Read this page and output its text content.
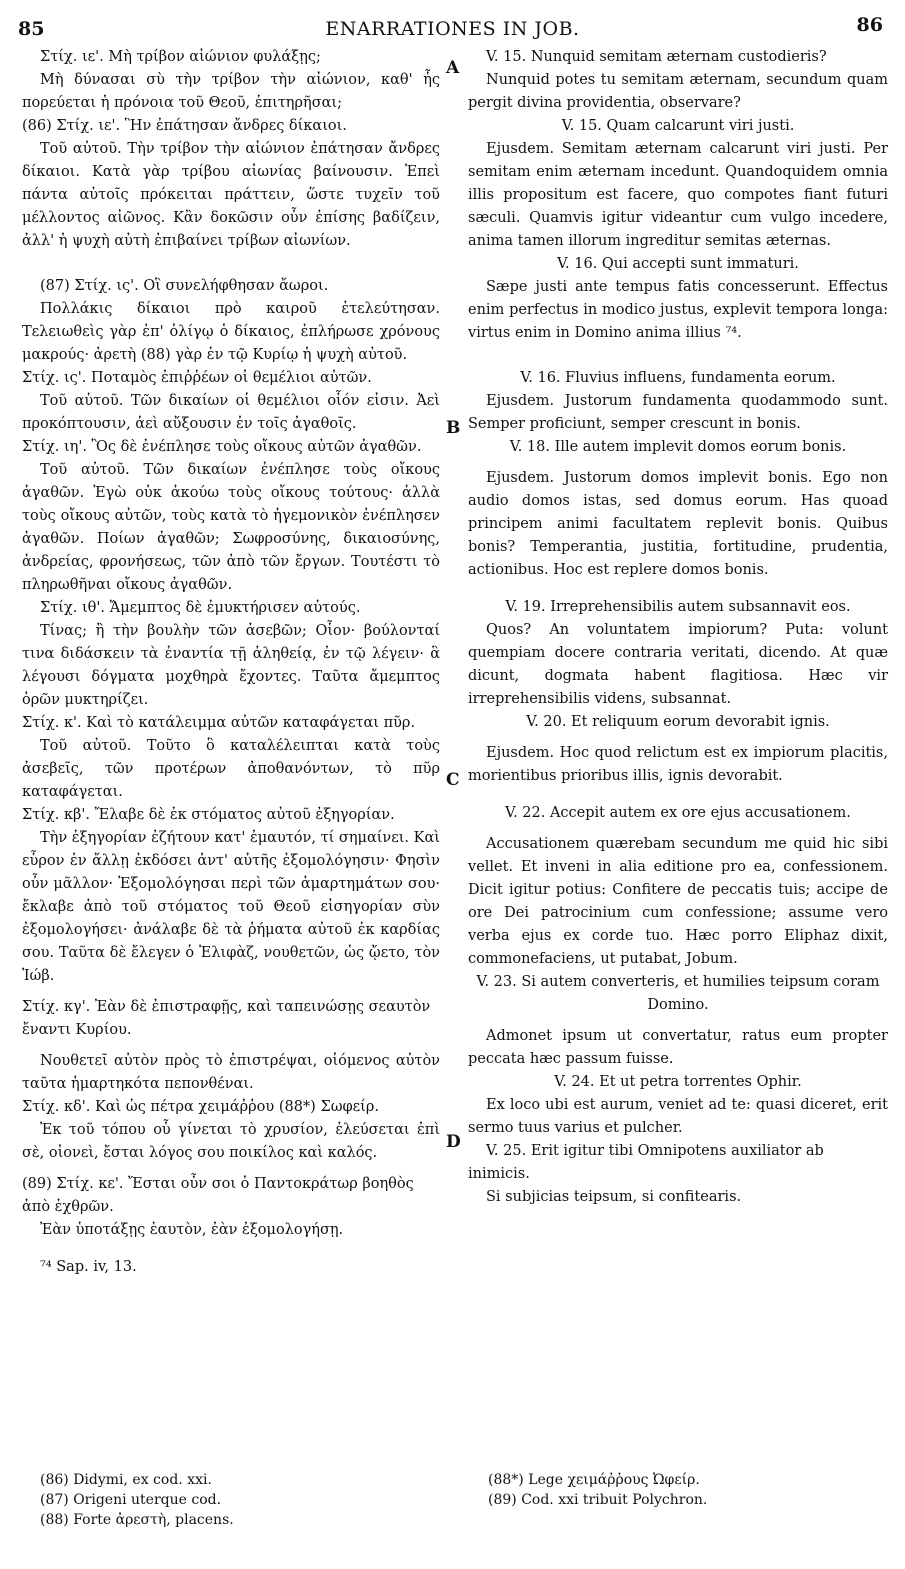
85	ENARRATIONES IN JOB.	86
A
B
C
D

Στίχ. ιε'. Μὴ τρίβον αἰώνιον φυλάξῃς;

Μὴ δύνασαι σὺ τὴν τρίβον τὴν αἰώνιον, καθ' ἧς πορεύεται ἡ πρόνοια τοῦ Θεοῦ, ἐπιτηρῆσαι;

(86) Στίχ. ιε'. Ἣν ἐπάτησαν ἄνδρες δίκαιοι.

Τοῦ αὐτοῦ. Τὴν τρίβον τὴν αἰώνιον ἐπάτησαν ἄνδρες δίκαιοι. Κατὰ γὰρ τρίβου αἰωνίας βαίνουσιν. Ἐπεὶ πάντα αὐτοῖς πρόκειται πράττειν, ὥστε τυχεῖν τοῦ μέλλοντος αἰῶνος. Κἂν δοκῶσιν οὖν ἐπίσης βαδίζειν, ἀλλ' ἡ ψυχὴ αὐτὴ ἐπιβαίνει τρίβων αἰωνίων.

(87) Στίχ. ις'. Οἳ συνελήφθησαν ἄωροι.

Πολλάκις δίκαιοι πρὸ καιροῦ ἐτελεύτησαν. Τελειωθεὶς γὰρ ἐπ' ὀλίγῳ ὁ δίκαιος, ἐπλήρωσε χρόνους μακρούς· ἀρετὴ (88) γὰρ ἐν τῷ Κυρίῳ ἡ ψυχὴ αὐτοῦ.

Στίχ. ις'. Ποταμὸς ἐπιῤῥέων οἱ θεμέλιοι αὐτῶν.

Τοῦ αὐτοῦ. Τῶν δικαίων οἱ θεμέλιοι οἷόν εἰσιν. Ἀεὶ προκόπτουσιν, ἀεὶ αὔξουσιν ἐν τοῖς ἀγαθοῖς.

Στίχ. ιη'. Ὃς δὲ ἐνέπλησε τοὺς οἴκους αὐτῶν ἀγαθῶν.

Τοῦ αὐτοῦ. Τῶν δικαίων ἐνέπλησε τοὺς οἴκους ἀγαθῶν. Ἐγὼ οὐκ ἀκούω τοὺς οἴκους τούτους· ἀλλὰ τοὺς οἴκους αὐτῶν, τοὺς κατὰ τὸ ἡγεμονικὸν ἐνέπλησεν ἀγαθῶν. Ποίων ἀγαθῶν; Σωφροσύνης, δικαιοσύνης, ἀνδρείας, φρονήσεως, τῶν ἀπὸ τῶν ἔργων. Τουτέστι τὸ πληρωθῆναι οἴκους ἀγαθῶν.

Στίχ. ιθ'. Ἄμεμπτος δὲ ἐμυκτήρισεν αὐτούς.

Τίνας; ἢ τὴν βουλὴν τῶν ἀσεβῶν; Οἷον· βούλονταί τινα διδάσκειν τὰ ἐναντία τῇ ἀληθείᾳ, ἐν τῷ λέγειν· ἃ λέγουσι δόγματα μοχθηρὰ ἔχοντες. Ταῦτα ἄμεμπτος ὁρῶν μυκτηρίζει.

Στίχ. κ'. Καὶ τὸ κατάλειμμα αὐτῶν καταφάγεται πῦρ.

Τοῦ αὐτοῦ. Τοῦτο ὃ καταλέλειπται κατὰ τοὺς ἀσεβεῖς, τῶν προτέρων ἀποθανόντων, τὸ πῦρ καταφάγεται.

Στίχ. κβ'. Ἔλαβε δὲ ἐκ στόματος αὐτοῦ ἐξηγορίαν.

Τὴν ἐξηγορίαν ἐζήτουν κατ' ἐμαυτόν, τί σημαίνει. Καὶ εὗρον ἐν ἄλλῃ ἐκδόσει ἀντ' αὐτῆς ἐξομολόγησιν· Φησὶν οὖν μᾶλλον· Ἐξομολόγησαι περὶ τῶν ἁμαρτημάτων σου· ἔκλαβε ἀπὸ τοῦ στόματος τοῦ Θεοῦ εἰσηγορίαν σὺν ἐξομολογήσει· ἀνάλαβε δὲ τὰ ῥήματα αὐτοῦ ἐκ καρδίας σου. Ταῦτα δὲ ἔλεγεν ὁ Ἐλιφὰζ, νουθετῶν, ὡς ᾤετο, τὸν Ἰώβ.

Στίχ. κγ'. Ἐὰν δὲ ἐπιστραφῇς, καὶ ταπεινώσῃς σεαυτὸν ἔναντι Κυρίου.

Νουθετεῖ αὐτὸν πρὸς τὸ ἐπιστρέψαι, οἰόμενος αὐτὸν ταῦτα ἡμαρτηκότα πεπονθέναι.

Στίχ. κδ'. Καὶ ὡς πέτρα χειμάῤῥου (88*) Σωφείρ.

Ἐκ τοῦ τόπου οὗ γίνεται τὸ χρυσίον, ἐλεύσεται ἐπὶ σὲ, οἱονεὶ, ἔσται λόγος σου ποικίλος καὶ καλός.

(89) Στίχ. κε'. Ἔσται οὖν σοι ὁ Παντοκράτωρ βοηθὸς ἀπὸ ἐχθρῶν.

Ἐὰν ὑποτάξῃς ἑαυτὸν, ἐὰν ἐξομολογήσῃ.

⁷⁴ Sap. iv, 13.

V. 15. Nunquid semitam æternam custodieris?

Nunquid potes tu semitam æternam, secundum quam pergit divina providentia, observare?

V. 15. Quam calcarunt viri justi.

Ejusdem. Semitam æternam calcarunt viri justi. Per semitam enim æternam incedunt. Quandoquidem omnia illis propositum est facere, quo compotes fiant futuri sæculi. Quamvis igitur videantur cum vulgo incedere, anima tamen illorum ingreditur semitas æternas.

V. 16. Qui accepti sunt immaturi.

Sæpe justi ante tempus fatis concesserunt. Effectus enim perfectus in modico justus, explevit tempora longa: virtus enim in Domino anima illius ⁷⁴.

V. 16. Fluvius influens, fundamenta eorum.

Ejusdem. Justorum fundamenta quodammodo sunt. Semper proficiunt, semper crescunt in bonis.

V. 18. Ille autem implevit domos eorum bonis.

Ejusdem. Justorum domos implevit bonis. Ego non audio domos istas, sed domus eorum. Has quoad principem animi facultatem replevit bonis. Quibus bonis? Temperantia, justitia, fortitudine, prudentia, actionibus. Hoc est replere domos bonis.

V. 19. Irreprehensibilis autem subsannavit eos.

Quos? An voluntatem impiorum? Puta: volunt quempiam docere contraria veritati, dicendo. At quæ dicunt, dogmata habent flagitiosa. Hæc vir irreprehensibilis videns, subsannat.

V. 20. Et reliquum eorum devorabit ignis.

Ejusdem. Hoc quod relictum est ex impiorum placitis, morientibus prioribus illis, ignis devorabit.

V. 22. Accepit autem ex ore ejus accusationem.

Accusationem quærebam secundum me quid hic sibi vellet. Et inveni in alia editione pro ea, confessionem. Dicit igitur potius: Confitere de peccatis tuis; accipe de ore Dei patrocinium cum confessione; assume vero verba ejus ex corde tuo. Hæc porro Eliphaz dixit, commonefaciens, ut putabat, Jobum.

V. 23. Si autem converteris, et humilies teipsum coram Domino.

Admonet ipsum ut convertatur, ratus eum propter peccata hæc passum fuisse.

V. 24. Et ut petra torrentes Ophir.

Ex loco ubi est aurum, veniet ad te: quasi diceret, erit sermo tuus varius et pulcher.

V. 25. Erit igitur tibi Omnipotens auxiliator ab inimicis.

Si subjicias teipsum, si confitearis.

(86) Didymi, ex cod. xxi.

(87) Origeni uterque cod.

(88) Forte ἀρεστὴ, placens.

(88*) Lege χειμάῤῥους Ὠφείρ.

(89) Cod. xxi tribuit Polychron.
